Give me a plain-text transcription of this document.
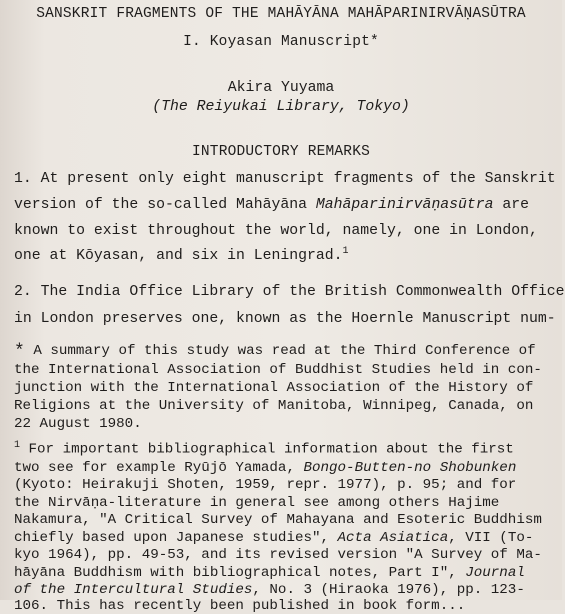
SANSKRIT FRAGMENTS OF THE MAHĀYĀNA MAHĀPARINIRVĀṆASŪTRA
I. Koyasan Manuscript*
Akira Yuyama
(The Reiyukai Library, Tokyo)
INTRODUCTORY REMARKS
1. At present only eight manuscript fragments of the Sanskrit
version of the so-called Mahāyāna Mahāparinirvāṇasūtra are
known to exist throughout the world, namely, one in London,
one at Kōyasan, and six in Leningrad.$^1$
2. The India Office Library of the British Commonwealth Office
in London preserves one, known as the Hoernle Manuscript num-
* A summary of this study was read at the Third Conference of
the International Association of Buddhist Studies held in con-
junction with the International Association of the History of
Religions at the University of Manitoba, Winnipeg, Canada, on
22 August 1980.
$^1$ For important bibliographical information about the first
two see for example Ryūjō Yamada, Bongo-Butten-no Shobunken
(Kyoto: Heirakuji Shoten, 1959, repr. 1977), p. 95; and for
the Nirvāṇa-literature in general see among others Hajime
Nakamura, "A Critical Survey of Mahayana and Esoteric Buddhism
chiefly based upon Japanese studies", Acta Asiatica, VII (To-
kyo 1964), pp. 49-53, and its revised version "A Survey of Ma-
hāyāna Buddhism with bibliographical notes, Part I", Journal
of the Intercultural Studies, No. 3 (Hiraoka 1976), pp. 123-
106. This has recently been published in book form...
